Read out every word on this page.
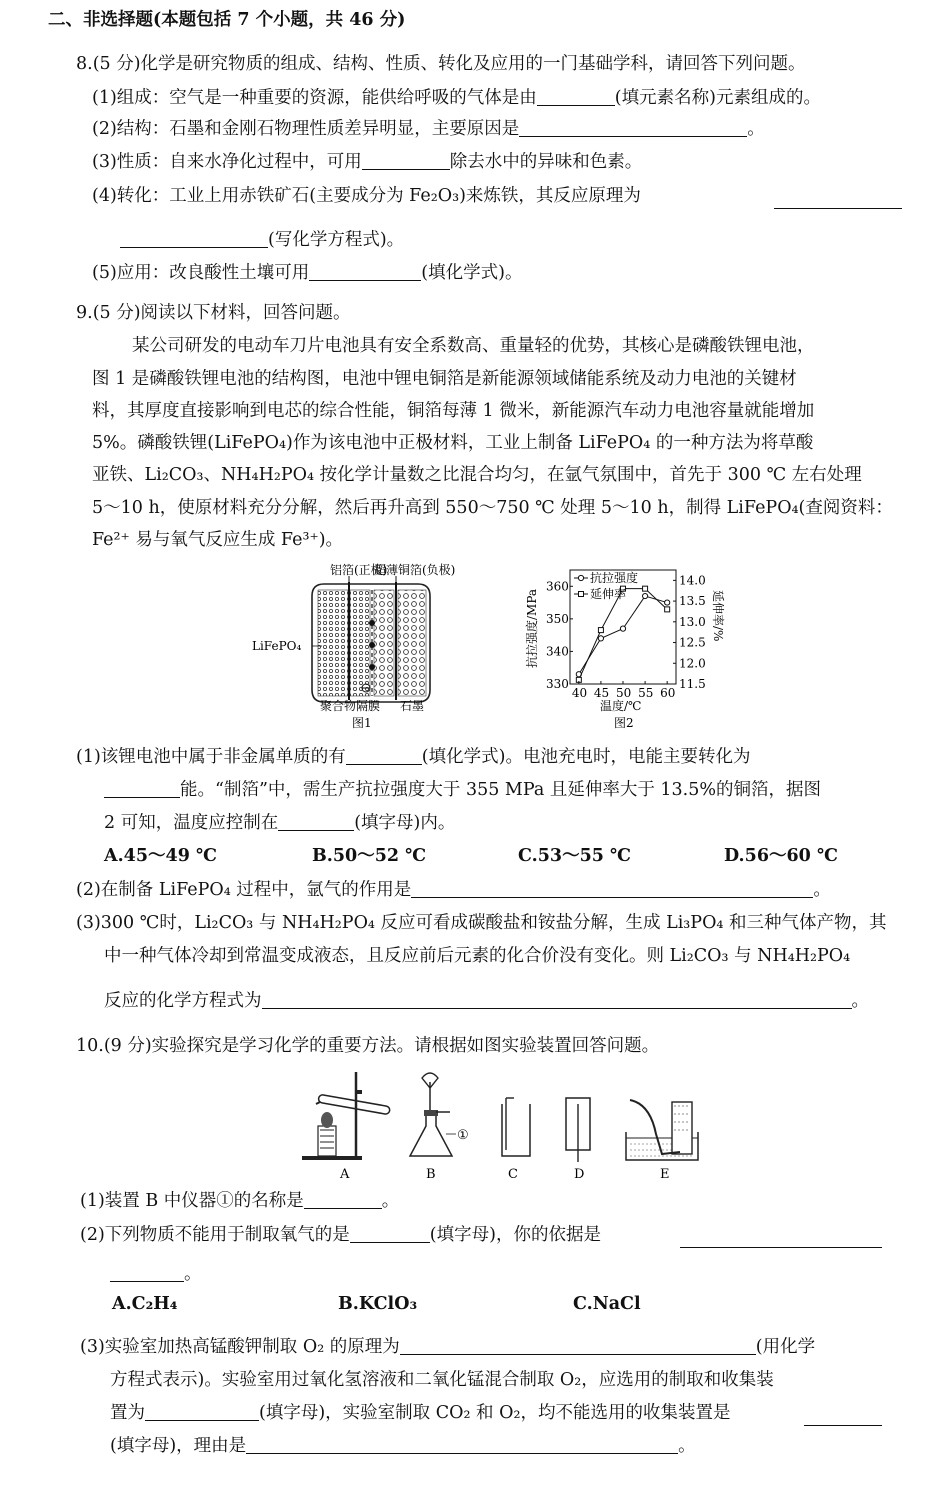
二、非选择题(本题包括 7 个小题，共 46 分)
8.(5 分)化学是研究物质的组成、结构、性质、转化及应用的一门基础学科，请回答下列问题。
(1)组成：空气是一种重要的资源，能供给呼吸的气体是由	(填元素名称)元素组成的。
(2)结构：石墨和金刚石物理性质差异明显，主要原因是	。
(3)性质：自来水净化过程中，可用	除去水中的异味和色素。
(4)转化：工业上用赤铁矿石(主要成分为 Fe₂O₃)来炼铁，其反应原理为
(写化学方程式)。
(5)应用：改良酸性土壤可用	(填化学式)。
9.(5 分)阅读以下材料，回答问题。
某公司研发的电动车刀片电池具有安全系数高、重量轻的优势，其核心是磷酸铁锂电池，
图 1 是磷酸铁锂电池的结构图，电池中锂电铜箔是新能源领域储能系统及动力电池的关键材
料，其厚度直接影响到电芯的综合性能，铜箔每薄 1 微米，新能源汽车动力电池容量就能增加
5%。磷酸铁锂(LiFePO₄)作为该电池中正极材料，工业上制备 LiFePO₄ 的一种方法为将草酸
亚铁、Li₂CO₃、NH₄H₂PO₄ 按化学计量数之比混合均匀，在氩气氛围中，首先于 300 ℃ 左右处理
5～10 h，使原材料充分分解，然后再升高到 550～750 ℃ 处理 5～10 h，制得 LiFePO₄(查阅资料：
Fe²⁺ 易与氧气反应生成 Fe³⁺)。
铝箔(正极)
超薄铜箔(负极)
LiFePO₄
聚合物隔膜 石墨
图1
40 45 50 55 60
360
350
340
330
14.0
13.5
13.0
12.5
12.0
11.5
抗拉强度
延伸率
抗拉强度/MPa	延伸率/%
温度/℃
图2
(1)该锂电池中属于非金属单质的有	(填化学式)。电池充电时，电能主要转化为
能。“制箔”中，需生产抗拉强度大于 355 MPa 且延伸率大于 13.5%的铜箔，据图
2 可知，温度应控制在	(填字母)内。
A.45～49 ℃	B.50～52 ℃	C.53～55 ℃	D.56～60 ℃
(2)在制备 LiFePO₄ 过程中，氩气的作用是	。
(3)300 ℃时，Li₂CO₃ 与 NH₄H₂PO₄ 反应可看成碳酸盐和铵盐分解，生成 Li₃PO₄ 和三种气体产物，其
中一种气体冷却到常温变成液态，且反应前后元素的化合价没有变化。则 Li₂CO₃ 与 NH₄H₂PO₄
反应的化学方程式为	。
10.(9 分)实验探究是学习化学的重要方法。请根据如图实验装置回答问题。
A
①
B	C	D	E
(1)装置 B 中仪器①的名称是	。
(2)下列物质不能用于制取氧气的是	(填字母)，你的依据是
。
A.C₂H₄	B.KClO₃	C.NaCl
(3)实验室加热高锰酸钾制取 O₂ 的原理为	(用化学
方程式表示)。实验室用过氧化氢溶液和二氧化锰混合制取 O₂，应选用的制取和收集装
置为	(填字母)，实验室制取 CO₂ 和 O₂，均不能选用的收集装置是
(填字母)，理由是	。
